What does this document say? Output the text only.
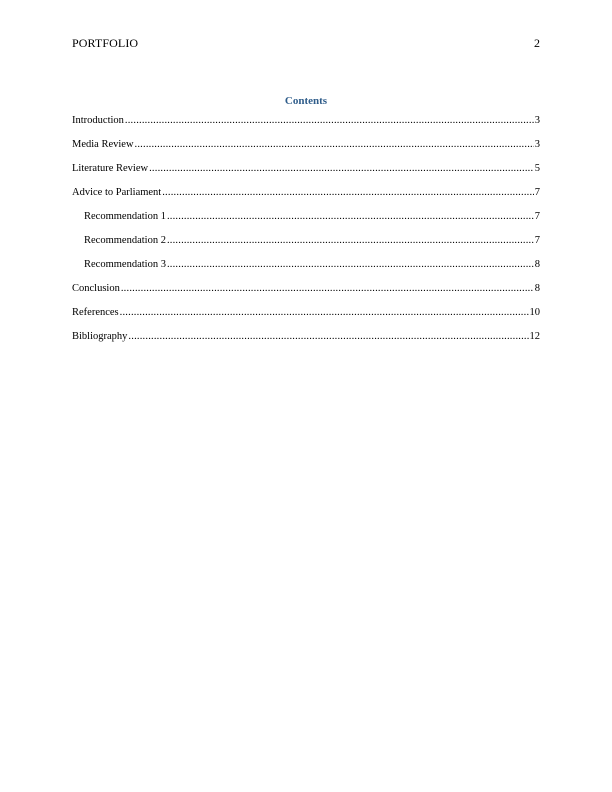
PORTFOLIO	2
Contents
Introduction .....	3
Media Review .....	3
Literature Review .....	5
Advice to Parliament .....	7
Recommendation 1 .....	7
Recommendation 2 .....	7
Recommendation 3 .....	8
Conclusion .....	8
References .....	10
Bibliography .....	12
